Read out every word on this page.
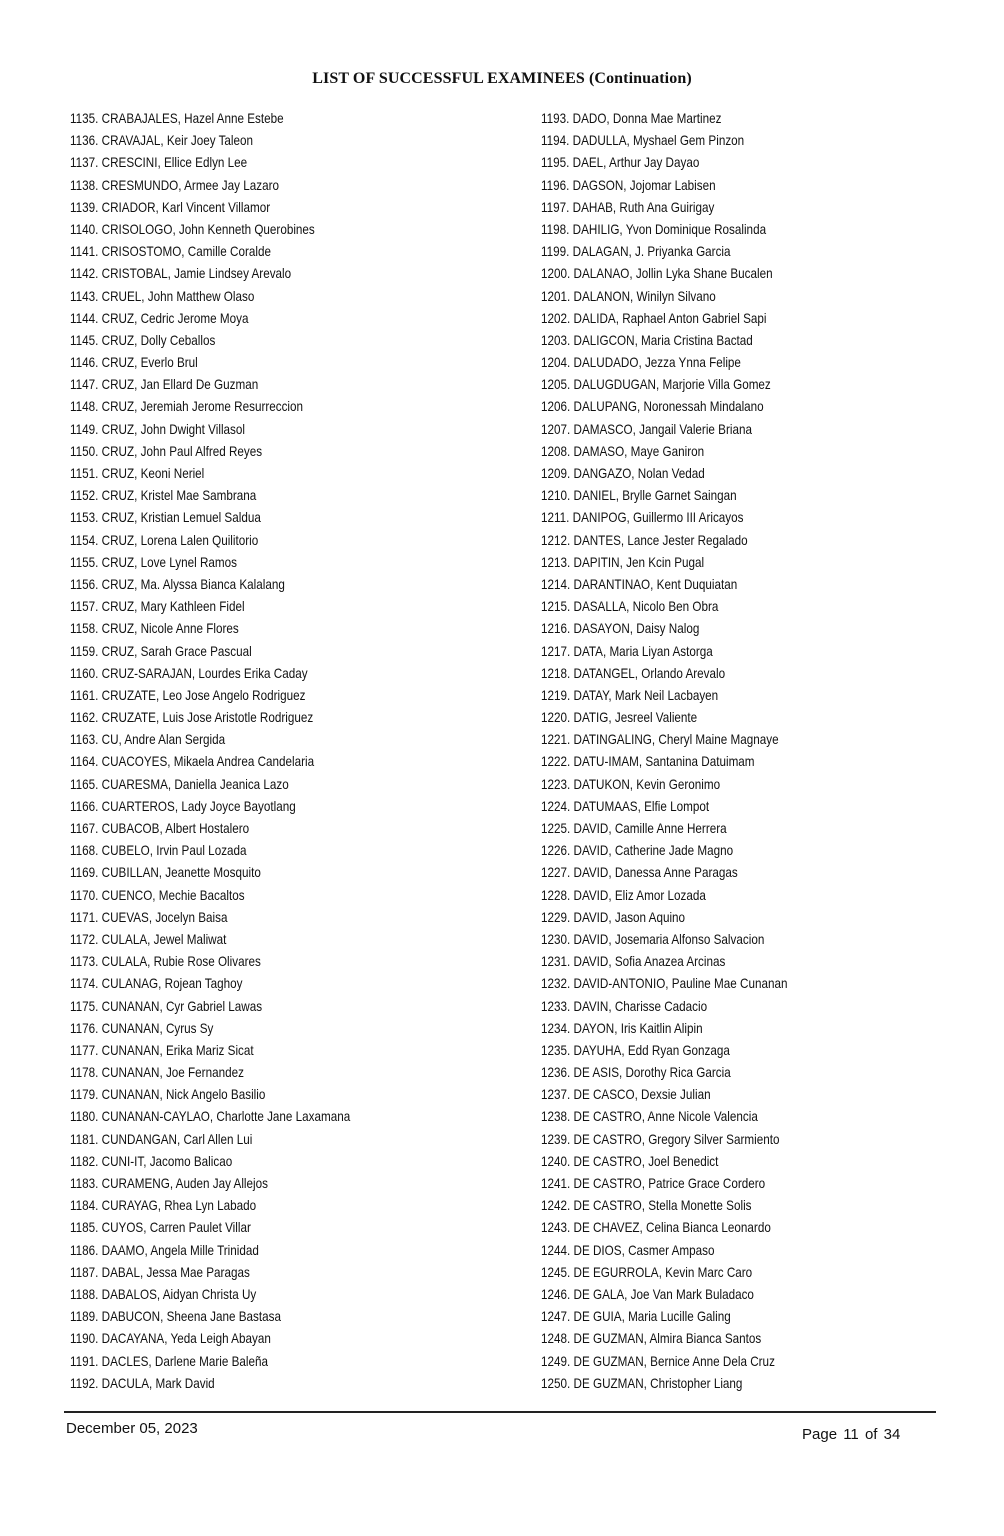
LIST OF SUCCESSFUL EXAMINEES (Continuation)
1135. CRABAJALES, Hazel Anne Estebe
1136. CRAVAJAL, Keir Joey Taleon
1137. CRESCINI, Ellice Edlyn Lee
1138. CRESMUNDO, Armee Jay Lazaro
1139. CRIADOR, Karl Vincent Villamor
1140. CRISOLOGO, John Kenneth Querobines
1141. CRISOSTOMO, Camille Coralde
1142. CRISTOBAL, Jamie Lindsey Arevalo
1143. CRUEL, John Matthew Olaso
1144. CRUZ, Cedric Jerome Moya
1145. CRUZ, Dolly Ceballos
1146. CRUZ, Everlo Brul
1147. CRUZ, Jan Ellard De Guzman
1148. CRUZ, Jeremiah Jerome Resurreccion
1149. CRUZ, John Dwight Villasol
1150. CRUZ, John Paul Alfred Reyes
1151. CRUZ, Keoni Neriel
1152. CRUZ, Kristel Mae Sambrana
1153. CRUZ, Kristian Lemuel Saldua
1154. CRUZ, Lorena Lalen Quilitorio
1155. CRUZ, Love Lynel Ramos
1156. CRUZ, Ma. Alyssa Bianca Kalalang
1157. CRUZ, Mary Kathleen Fidel
1158. CRUZ, Nicole Anne Flores
1159. CRUZ, Sarah Grace Pascual
1160. CRUZ-SARAJAN, Lourdes Erika Caday
1161. CRUZATE, Leo Jose Angelo Rodriguez
1162. CRUZATE, Luis Jose Aristotle Rodriguez
1163. CU, Andre Alan Sergida
1164. CUACOYES, Mikaela Andrea Candelaria
1165. CUARESMA, Daniella Jeanica Lazo
1166. CUARTEROS, Lady Joyce Bayotlang
1167. CUBACOB, Albert Hostalero
1168. CUBELO, Irvin Paul Lozada
1169. CUBILLAN, Jeanette Mosquito
1170. CUENCO, Mechie Bacaltos
1171. CUEVAS, Jocelyn Baisa
1172. CULALA, Jewel Maliwat
1173. CULALA, Rubie Rose Olivares
1174. CULANAG, Rojean Taghoy
1175. CUNANAN, Cyr Gabriel Lawas
1176. CUNANAN, Cyrus Sy
1177. CUNANAN, Erika Mariz Sicat
1178. CUNANAN, Joe Fernandez
1179. CUNANAN, Nick Angelo Basilio
1180. CUNANAN-CAYLAO, Charlotte Jane Laxamana
1181. CUNDANGAN, Carl Allen Lui
1182. CUNI-IT, Jacomo Balicao
1183. CURAMENG, Auden Jay Allejos
1184. CURAYAG, Rhea Lyn Labado
1185. CUYOS, Carren Paulet Villar
1186. DAAMO, Angela Mille Trinidad
1187. DABAL, Jessa Mae Paragas
1188. DABALOS, Aidyan Christa Uy
1189. DABUCON, Sheena Jane Bastasa
1190. DACAYANA, Yeda Leigh Abayan
1191. DACLES, Darlene Marie Baleña
1192. DACULA, Mark David
1193. DADO, Donna Mae Martinez
1194. DADULLA, Myshael Gem Pinzon
1195. DAEL, Arthur Jay Dayao
1196. DAGSON, Jojomar Labisen
1197. DAHAB, Ruth Ana Guirigay
1198. DAHILIG, Yvon Dominique Rosalinda
1199. DALAGAN, J. Priyanka Garcia
1200. DALANAO, Jollin Lyka Shane Bucalen
1201. DALANON, Winilyn Silvano
1202. DALIDA, Raphael Anton Gabriel Sapi
1203. DALIGCON, Maria Cristina Bactad
1204. DALUDADO, Jezza Ynna Felipe
1205. DALUGDUGAN, Marjorie Villa Gomez
1206. DALUPANG, Noronessah Mindalano
1207. DAMASCO, Jangail Valerie Briana
1208. DAMASO, Maye Ganiron
1209. DANGAZO, Nolan Vedad
1210. DANIEL, Brylle Garnet Saingan
1211. DANIPOG, Guillermo III Aricayos
1212. DANTES, Lance Jester Regalado
1213. DAPITIN, Jen Kcin Pugal
1214. DARANTINAO, Kent Duquiatan
1215. DASALLA, Nicolo Ben Obra
1216. DASAYON, Daisy Nalog
1217. DATA, Maria Liyan Astorga
1218. DATANGEL, Orlando Arevalo
1219. DATAY, Mark Neil Lacbayen
1220. DATIG, Jesreel Valiente
1221. DATINGALING, Cheryl Maine Magnaye
1222. DATU-IMAM, Santanina Datuimam
1223. DATUKON, Kevin Geronimo
1224. DATUMAAS, Elfie Lompot
1225. DAVID, Camille Anne Herrera
1226. DAVID, Catherine Jade Magno
1227. DAVID, Danessa Anne Paragas
1228. DAVID, Eliz Amor Lozada
1229. DAVID, Jason Aquino
1230. DAVID, Josemaria Alfonso Salvacion
1231. DAVID, Sofia Anazea Arcinas
1232. DAVID-ANTONIO, Pauline Mae Cunanan
1233. DAVIN, Charisse Cadacio
1234. DAYON, Iris Kaitlin Alipin
1235. DAYUHA, Edd Ryan Gonzaga
1236. DE ASIS, Dorothy Rica Garcia
1237. DE CASCO, Dexsie Julian
1238. DE CASTRO, Anne Nicole Valencia
1239. DE CASTRO, Gregory Silver Sarmiento
1240. DE CASTRO, Joel Benedict
1241. DE CASTRO, Patrice Grace Cordero
1242. DE CASTRO, Stella Monette Solis
1243. DE CHAVEZ, Celina Bianca Leonardo
1244. DE DIOS, Casmer Ampaso
1245. DE EGURROLA, Kevin Marc Caro
1246. DE GALA, Joe Van Mark Buladaco
1247. DE GUIA, Maria Lucille Galing
1248. DE GUZMAN, Almira Bianca Santos
1249. DE GUZMAN, Bernice Anne Dela Cruz
1250. DE GUZMAN, Christopher Liang
December 05, 2023	Page 11 of 34
